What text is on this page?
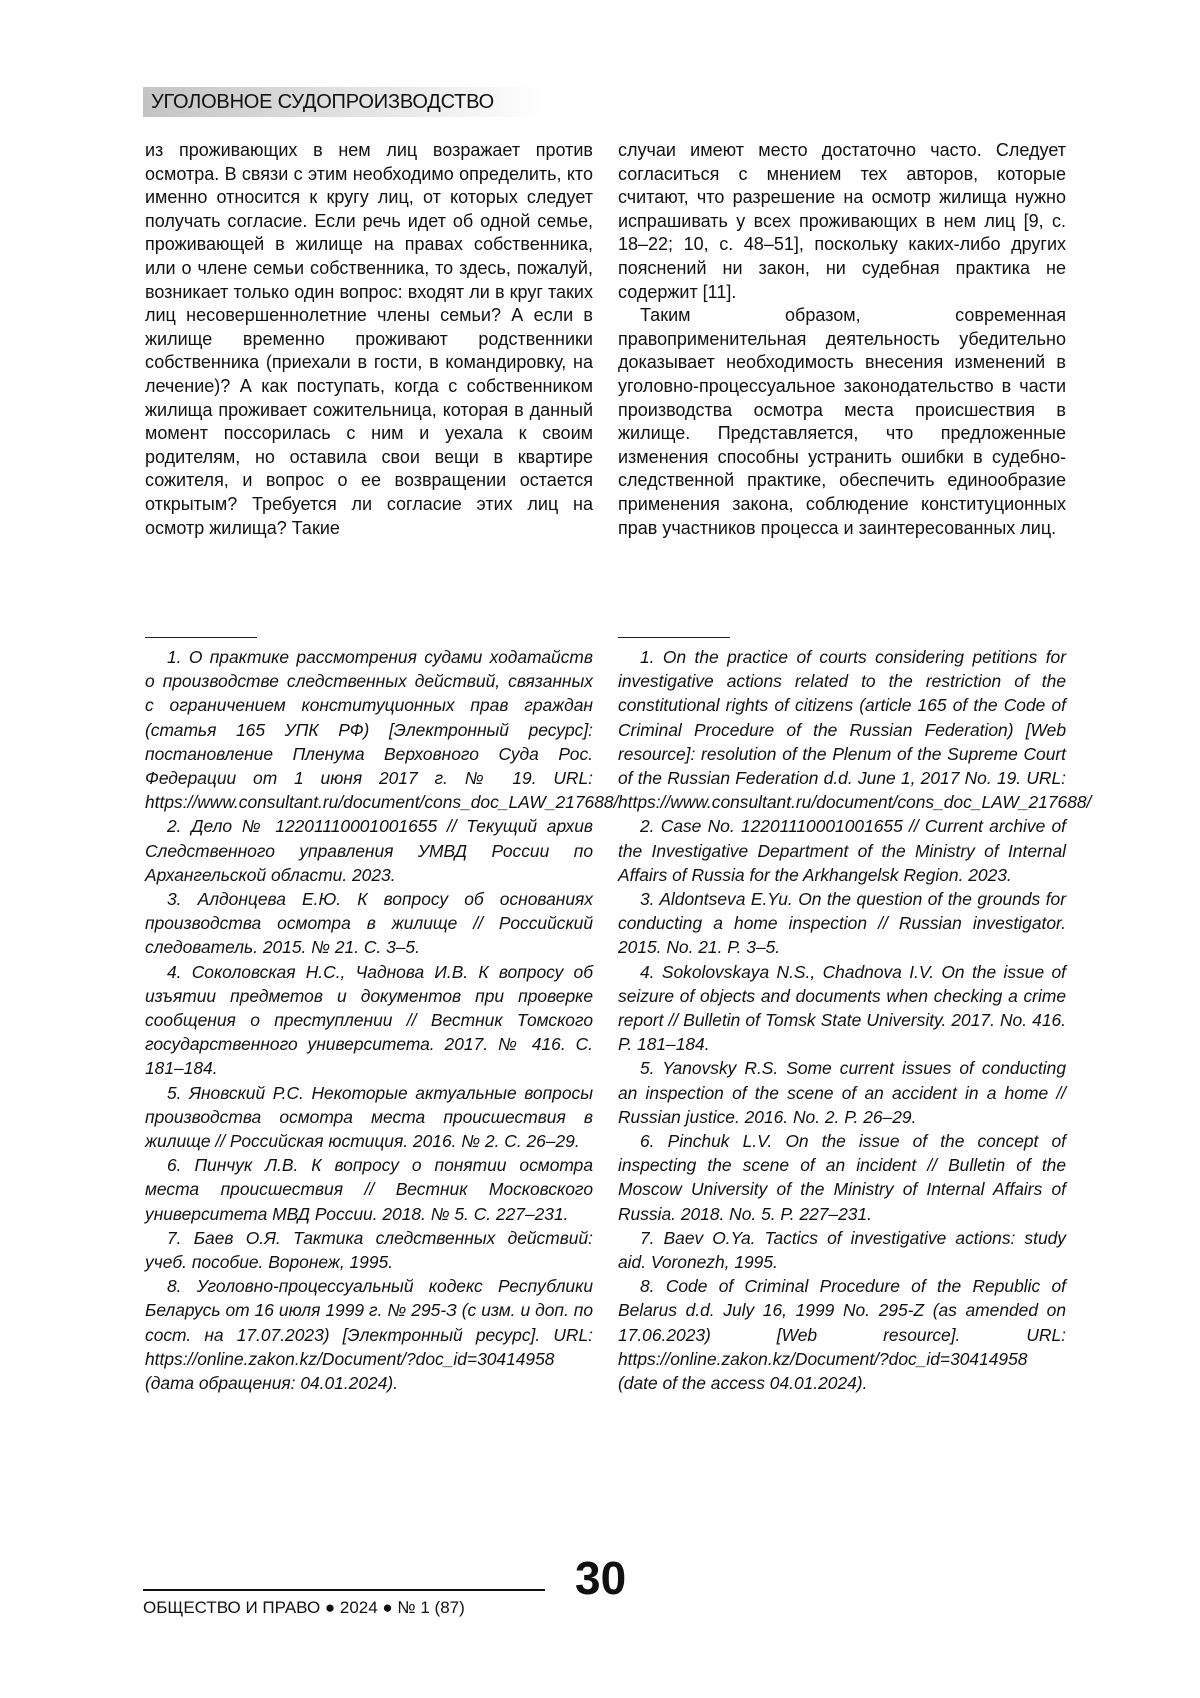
УГОЛОВНОЕ СУДОПРОИЗВОДСТВО

из проживающих в нем лиц возражает против осмотра. В связи с этим необходимо определить, кто именно относится к кругу лиц, от которых следует получать согласие. Если речь идет об одной семье, проживающей в жилище на правах собственника, или о члене семьи собственника, то здесь, пожалуй, возникает только один вопрос: входят ли в круг таких лиц несовершеннолетние члены семьи? А если в жилище временно проживают родственники собственника (приехали в гости, в командировку, на лечение)? А как поступать, когда с собственником жилища проживает сожительница, которая в данный момент поссорилась с ним и уехала к своим родителям, но оставила свои вещи в квартире сожителя, и вопрос о ее возвращении остается открытым? Требуется ли согласие этих лиц на осмотр жилища? Такие

случаи имеют место достаточно часто. Следует согласиться с мнением тех авторов, которые считают, что разрешение на осмотр жилища нужно испрашивать у всех проживающих в нем лиц [9, с. 18–22; 10, с. 48–51], поскольку каких-либо других пояснений ни закон, ни судебная практика не содержит [11].

Таким образом, современная правоприменительная деятельность убедительно доказывает необходимость внесения изменений в уголовно-процессуальное законодательство в части производства осмотра места происшествия в жилище. Представляется, что предложенные изменения способны устранить ошибки в судебно-следственной практике, обеспечить единообразие применения закона, соблюдение конституционных прав участников процесса и заинтересованных лиц.

1. О практике рассмотрения судами ходатайств о производстве следственных действий, связанных с ограничением конституционных прав граждан (статья 165 УПК РФ) [Электронный ресурс]: постановление Пленума Верховного Суда Рос. Федерации от 1 июня 2017 г. № 19. URL: https://www.consultant.ru/document/cons_doc_LAW_217688/

2. Дело № 12201110001001655 // Текущий архив Следственного управления УМВД России по Архангельской области. 2023.

3. Алдонцева Е.Ю. К вопросу об основаниях производства осмотра в жилище // Российский следователь. 2015. № 21. С. 3–5.

4. Соколовская Н.С., Чаднова И.В. К вопросу об изъятии предметов и документов при проверке сообщения о преступлении // Вестник Томского государственного университета. 2017. № 416. С. 181–184.

5. Яновский Р.С. Некоторые актуальные вопросы производства осмотра места происшествия в жилище // Российская юстиция. 2016. № 2. С. 26–29.

6. Пинчук Л.В. К вопросу о понятии осмотра места происшествия // Вестник Московского университета МВД России. 2018. № 5. С. 227–231.

7. Баев О.Я. Тактика следственных действий: учеб. пособие. Воронеж, 1995.

8. Уголовно-процессуальный кодекс Республики Беларусь от 16 июля 1999 г. № 295-З (с изм. и доп. по сост. на 17.07.2023) [Электронный ресурс]. URL: https://online.zakon.kz/Document/?doc_id=30414958 (дата обращения: 04.01.2024).

1. On the practice of courts considering petitions for investigative actions related to the restriction of the constitutional rights of citizens (article 165 of the Code of Criminal Procedure of the Russian Federation) [Web resource]: resolution of the Plenum of the Supreme Court of the Russian Federation d.d. June 1, 2017 No. 19. URL: https://www.consultant.ru/document/cons_doc_LAW_217688/

2. Case No. 12201110001001655 // Current archive of the Investigative Department of the Ministry of Internal Affairs of Russia for the Arkhangelsk Region. 2023.

3. Aldontseva E.Yu. On the question of the grounds for conducting a home inspection // Russian investigator. 2015. No. 21. P. 3–5.

4. Sokolovskaya N.S., Chadnova I.V. On the issue of seizure of objects and documents when checking a crime report // Bulletin of Tomsk State University. 2017. No. 416. P. 181–184.

5. Yanovsky R.S. Some current issues of conducting an inspection of the scene of an accident in a home // Russian justice. 2016. No. 2. P. 26–29.

6. Pinchuk L.V. On the issue of the concept of inspecting the scene of an incident // Bulletin of the Moscow University of the Ministry of Internal Affairs of Russia. 2018. No. 5. P. 227–231.

7. Baev O.Ya. Tactics of investigative actions: study aid. Voronezh, 1995.

8. Code of Criminal Procedure of the Republic of Belarus d.d. July 16, 1999 No. 295-Z (as amended on 17.06.2023) [Web resource]. URL: https://online.zakon.kz/Document/?doc_id=30414958 (date of the access 04.01.2024).

30
ОБЩЕСТВО И ПРАВО ● 2024 ● № 1 (87)
